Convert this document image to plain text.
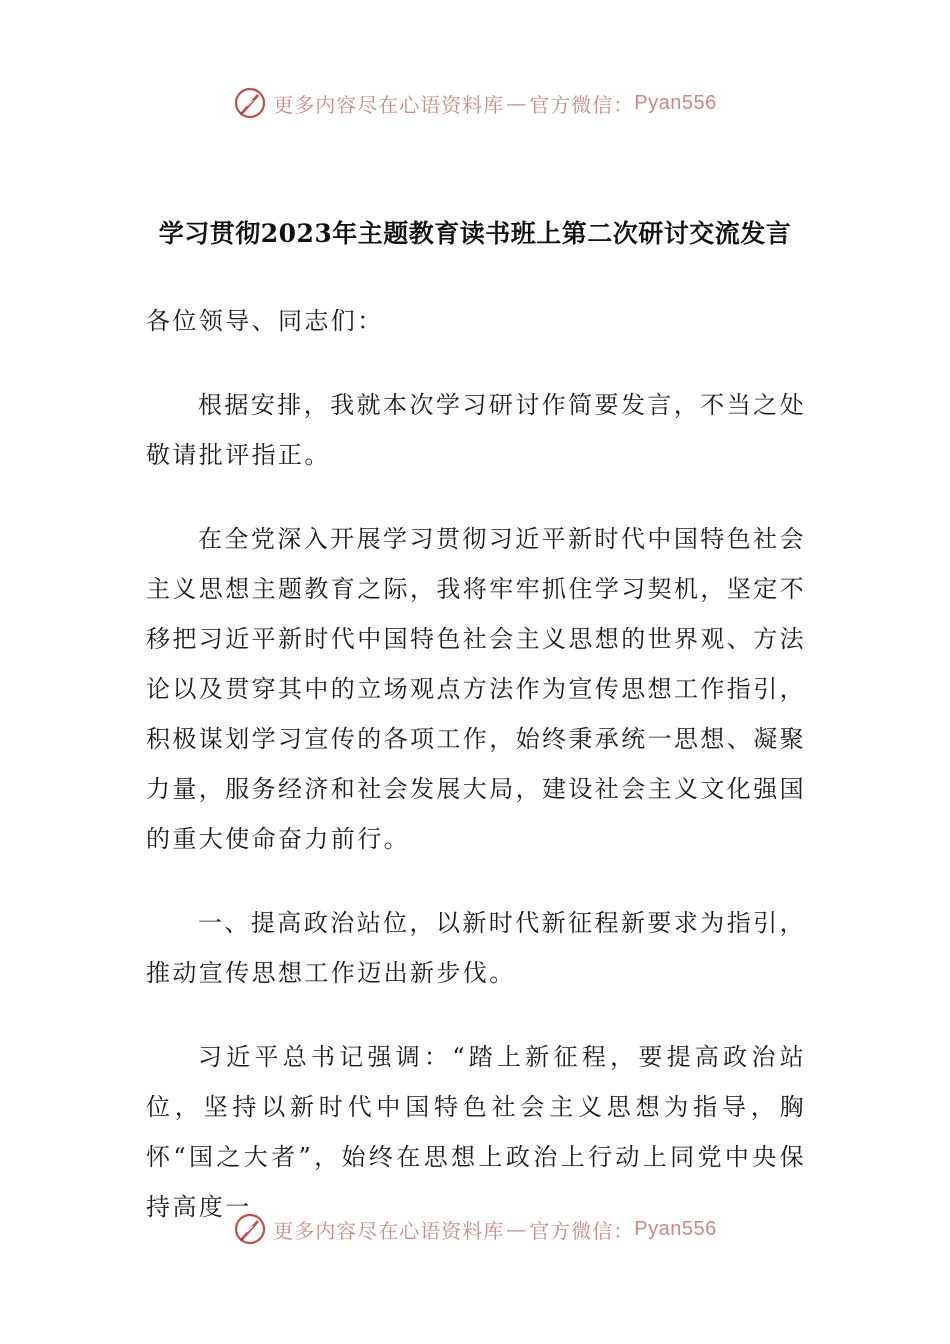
更多内容尽在心语资料库 — 官方微信： Pyan556
学习贯彻2023年主题教育读书班上第二次研讨交流发言

各位领导、同志们：

根据安排，我就本次学习研讨作简要发言，不当之处敬请批评指正。

在全党深入开展学习贯彻习近平新时代中国特色社会主义思想主题教育之际，我将牢牢抓住学习契机，坚定不移把习近平新时代中国特色社会主义思想的世界观、方法论以及贯穿其中的立场观点方法作为宣传思想工作指引，积极谋划学习宣传的各项工作，始终秉承统一思想、凝聚力量，服务经济和社会发展大局，建设社会主义文化强国的重大使命奋力前行。

一、提高政治站位，以新时代新征程新要求为指引，推动宣传思想工作迈出新步伐。

习近平总书记强调：“踏上新征程，要提高政治站位，坚持以新时代中国特色社会主义思想为指导，胸怀“国之大者”，始终在思想上政治上行动上同党中央保持高度一

更多内容尽在心语资料库 — 官方微信： Pyan556
